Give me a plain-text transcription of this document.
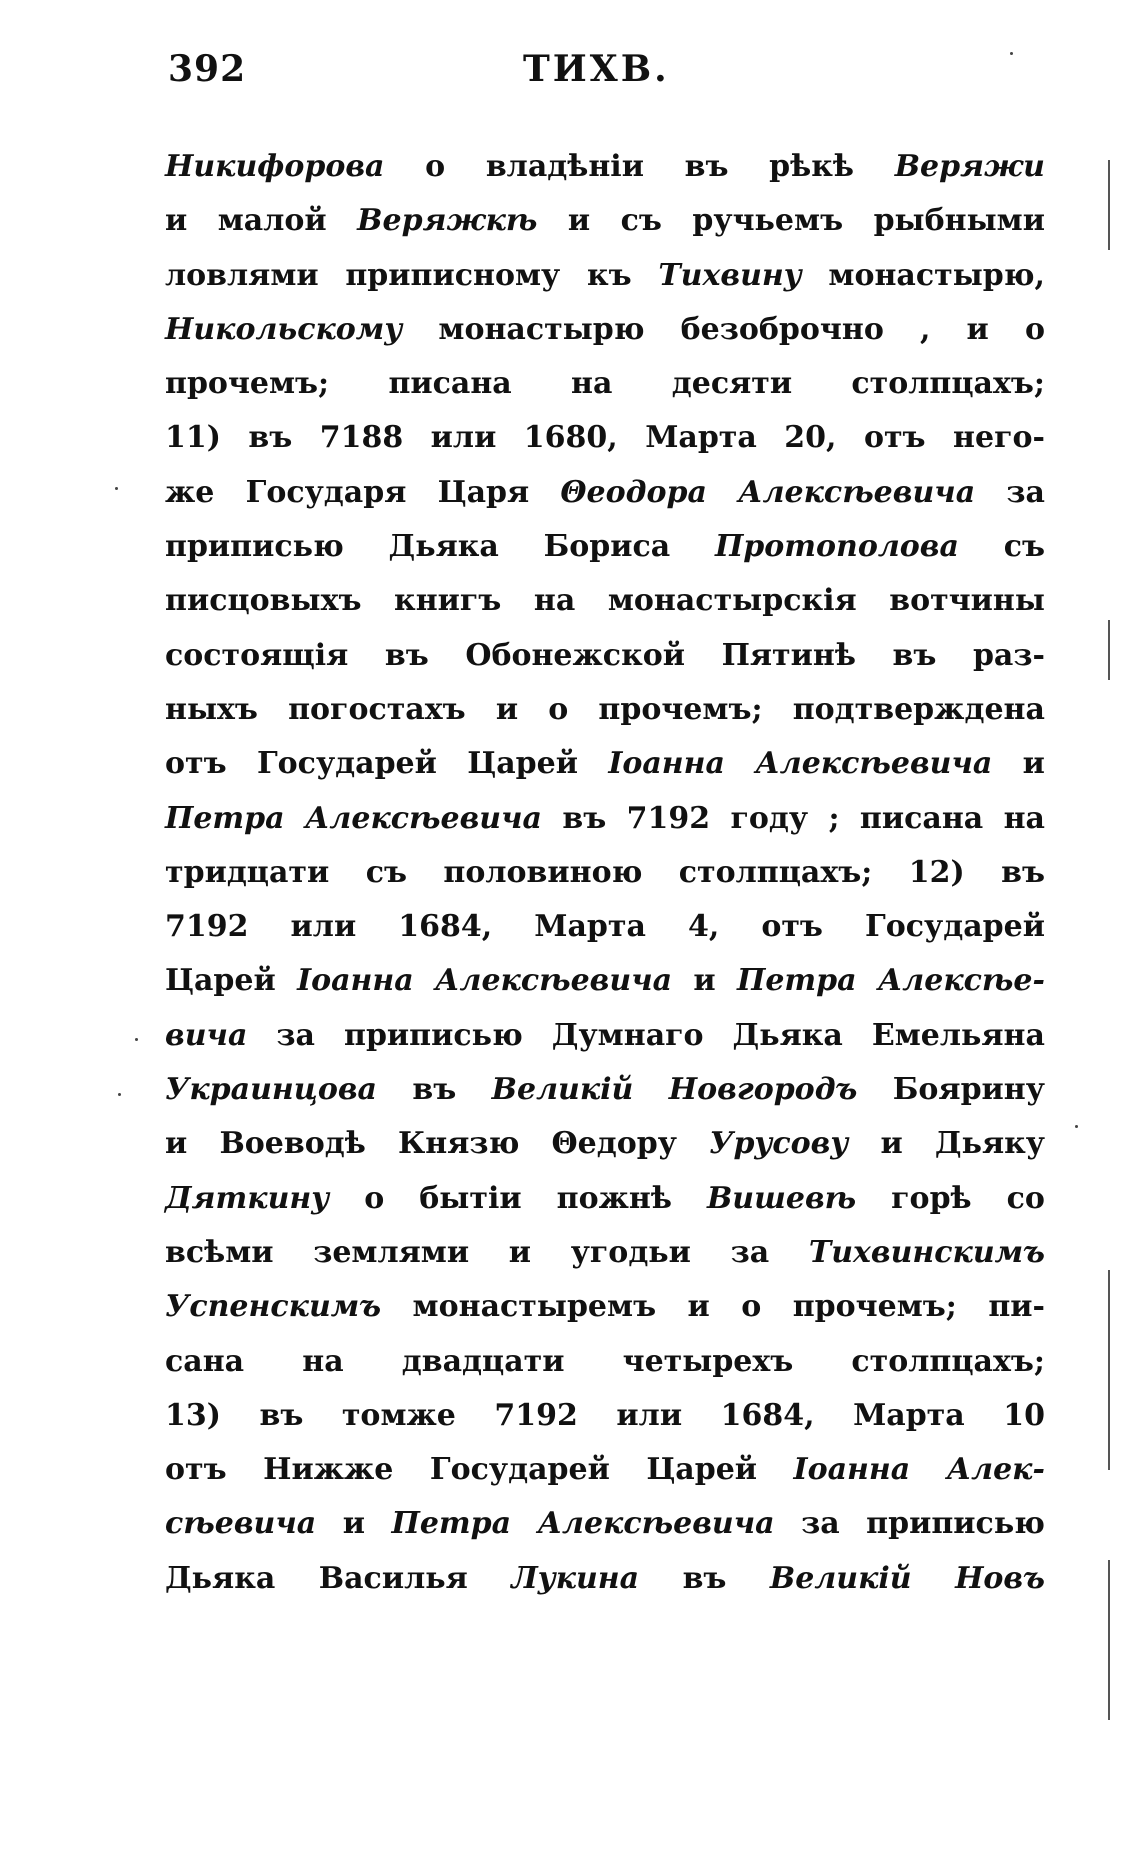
392	ТИХВ.
Никифорова о владѣніи въ рѣкѣ Веряжи
и малой Веряжкѣ и съ ручьемъ рыбными
ловлями приписному къ Тихвину монастырю,
Никольскому монастырю безоброчно , и о
прочемъ; писана на десяти столпцахъ;
11) въ 7188 или 1680, Марта 20, отъ него-
же Государя Царя Θеодора Алексѣевича за
приписью Дьяка Бориса Протополова съ
писцовыхъ книгъ на монастырскія вотчины
состоящія въ Обонежской Пятинѣ въ раз-
ныхъ погостахъ и о прочемъ; подтверждена
отъ Государей Царей Іоанна Алексѣевича и
Петра Алексѣевича въ 7192 году ; писана на
тридцати съ половиною столпцахъ; 12) въ
7192 или 1684, Марта 4, отъ Государей
Царей Іоанна Алексѣевича и Петра Алексѣе-
вича за приписью Думнаго Дьяка Емельяна
Украинцова въ Великій Новгородъ Боярину
и Воеводѣ Князю Θедору Урусову и Дьяку
Дяткину о бытіи пожнѣ Вишевѣ горѣ со
всѣми землями и угодьи за Тихвинскимъ
Успенскимъ монастыремъ и о прочемъ; пи-
сана на двадцати четырехъ столпцахъ;
13) въ томже 7192 или 1684, Марта 10
отъ Нижже Государей Царей Іоанна Алек-
сѣевича и Петра Алексѣевича за приписью
Дьяка Василья Лукина въ Великій Новъ
